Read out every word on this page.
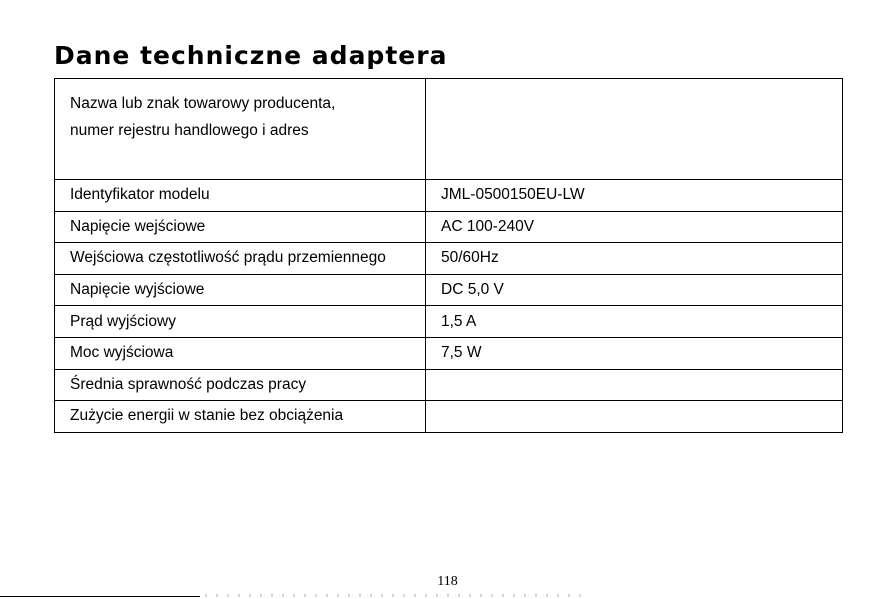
Dane techniczne adaptera
Nazwa lub znak towarowy producenta,
numer rejestru handlowego i adres	

Identyfikator modelu	JML-0500150EU-LW
Napięcie wejściowe	AC 100-240V
Wejściowa częstotliwość prądu przemiennego	50/60Hz
Napięcie wyjściowe	DC 5,0 V
Prąd wyjściowy	1,5 A
Moc wyjściowa	7,5 W
Średnia sprawność podczas pracy	
Zużycie energii w stanie bez obciążenia	
118
